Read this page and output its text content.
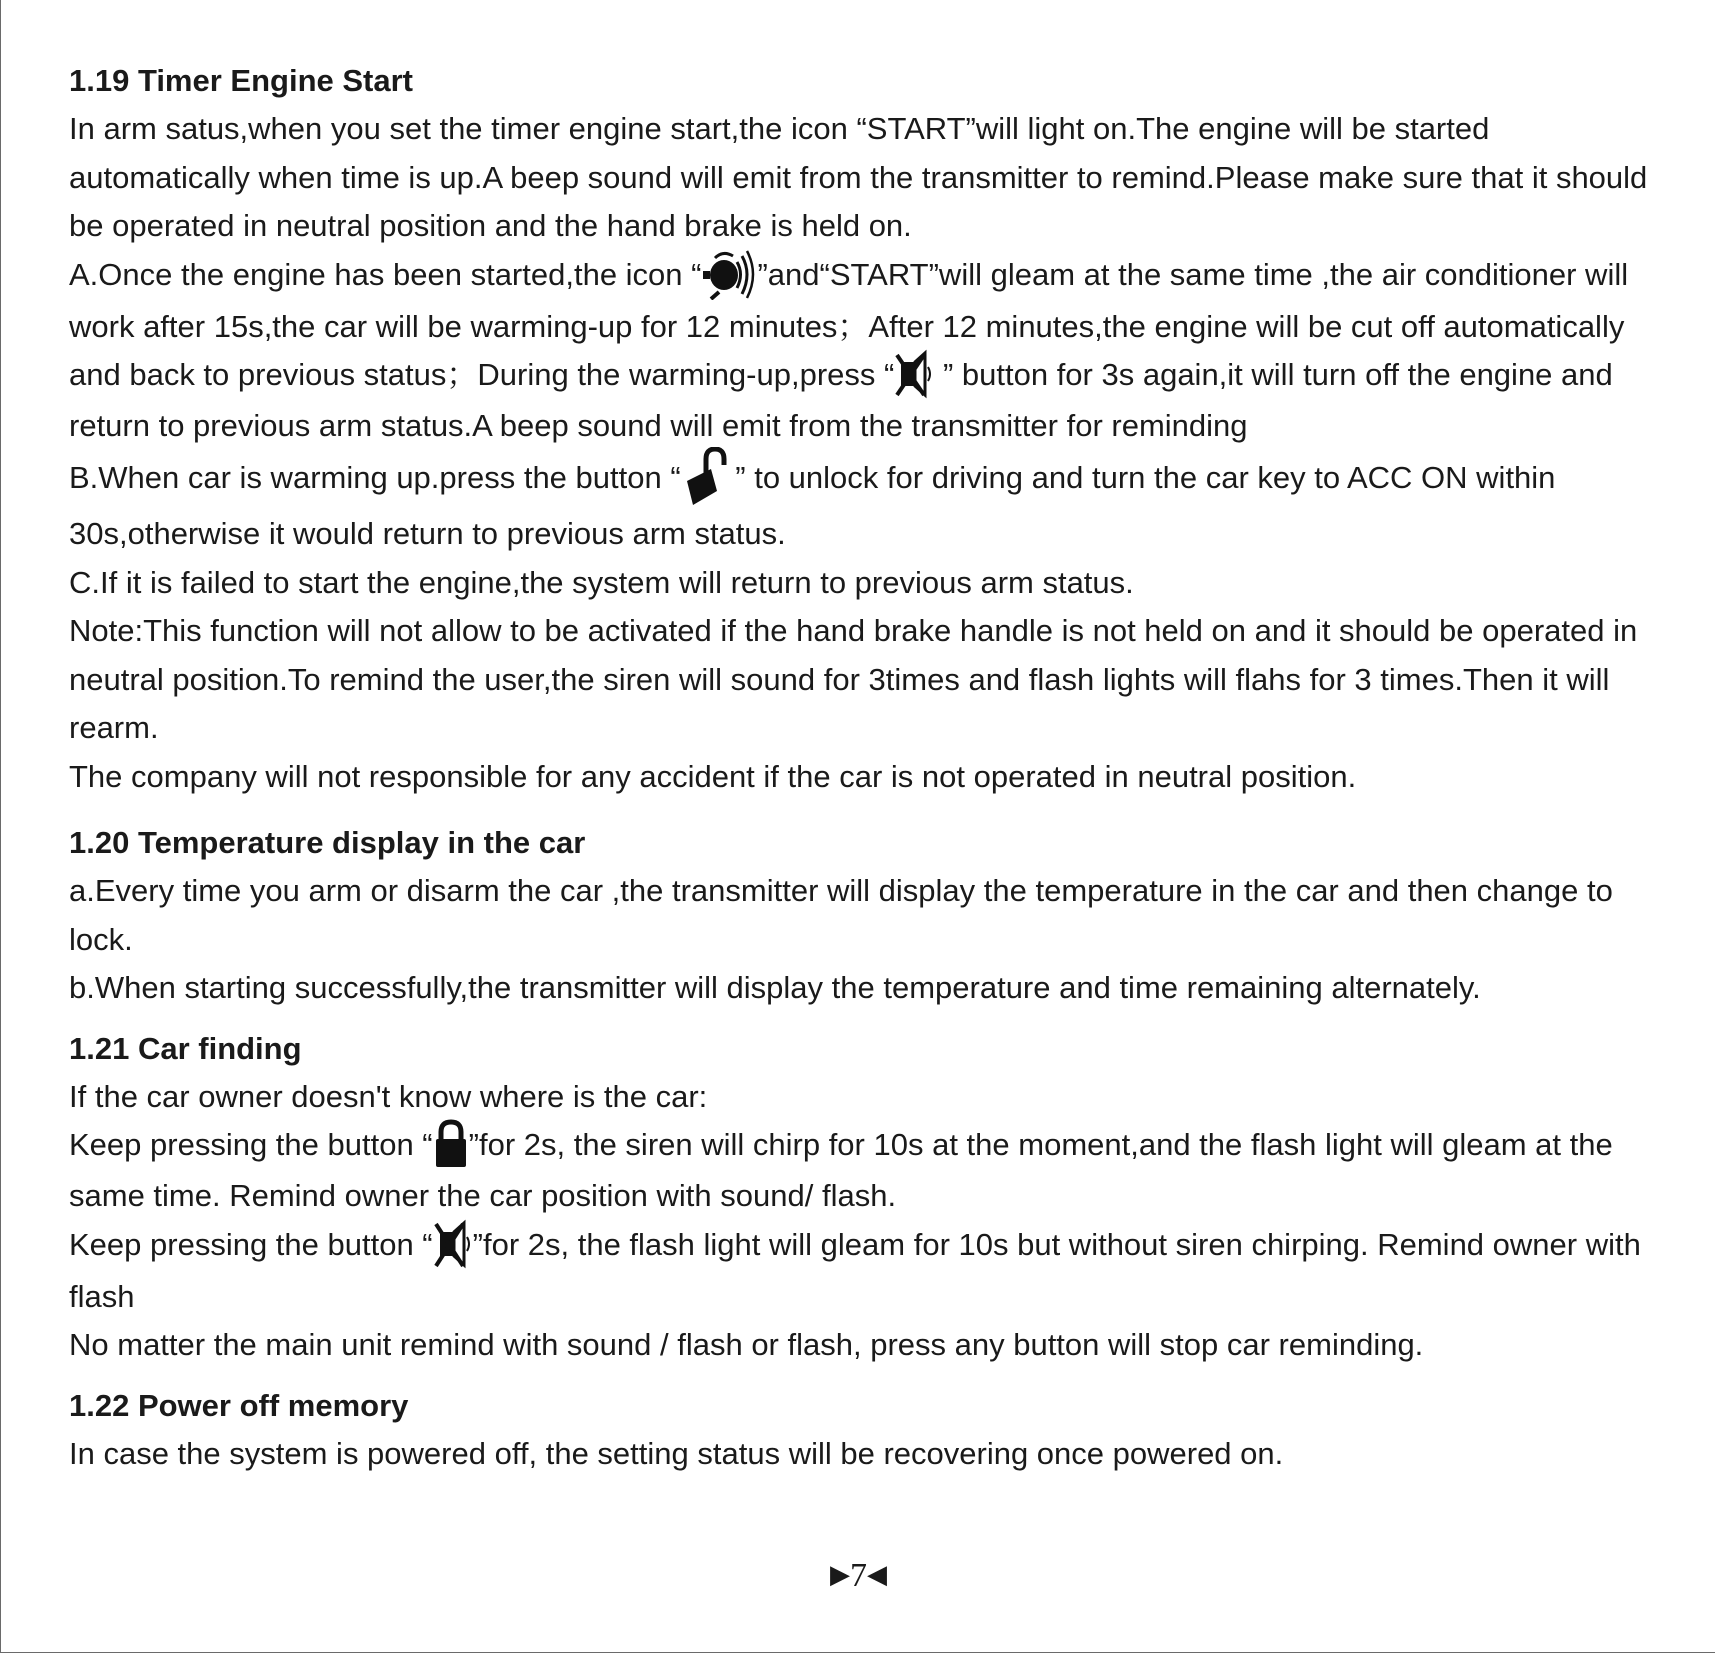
1.19 Timer Engine Start

In arm satus,when you set the timer engine start,the icon “START”will light on.The engine will be started automatically when time is up.A beep sound will emit from the transmitter to remind.Please make sure that it should be operated in neutral position and the hand brake is held on.

A.Once the engine has been started,the icon “ ”and“START”will gleam at the same time ,the air conditioner will work after 15s,the car will be warming-up for 12 minutes；After 12 minutes,the engine will be cut off automatically and back to previous status；During the warming-up,press “
” button for 3s again,it will turn off the engine and return to previous arm status.A beep sound will emit from the transmitter for reminding

B.When car is warming up.press the button “
” to unlock for driving and turn the car key to ACC ON within 30s,otherwise it would return to previous arm status.

C.If it is failed to start the engine,the system will return to previous arm status.

Note:This function will not allow to be activated if the hand brake handle is not held on and it should be operated in neutral position.To remind the user,the siren will sound for 3times and flash lights will flahs for 3 times.Then it will rearm.

The company will not responsible for any accident if the car is not operated in neutral position.

1.20 Temperature display in the car

a.Every time you arm or disarm the car ,the transmitter will display the temperature in the car and then change to lock.

b.When starting successfully,the transmitter will display the temperature and time remaining alternately.

1.21 Car finding

If the car owner doesn't know where is the car:

Keep pressing the button “ ”for 2s, the siren will chirp for 10s at the moment,and the flash light will gleam at the same time. Remind owner the car position with sound/ flash.

Keep pressing the button “ ”for 2s, the flash light will gleam for 10s but without siren chirping. Remind owner with flash

No matter the main unit remind with sound / flash or flash, press any button will stop car reminding.

1.22 Power off memory

In case the system is powered off, the setting status will be recovering once powered on.

▶7◀
